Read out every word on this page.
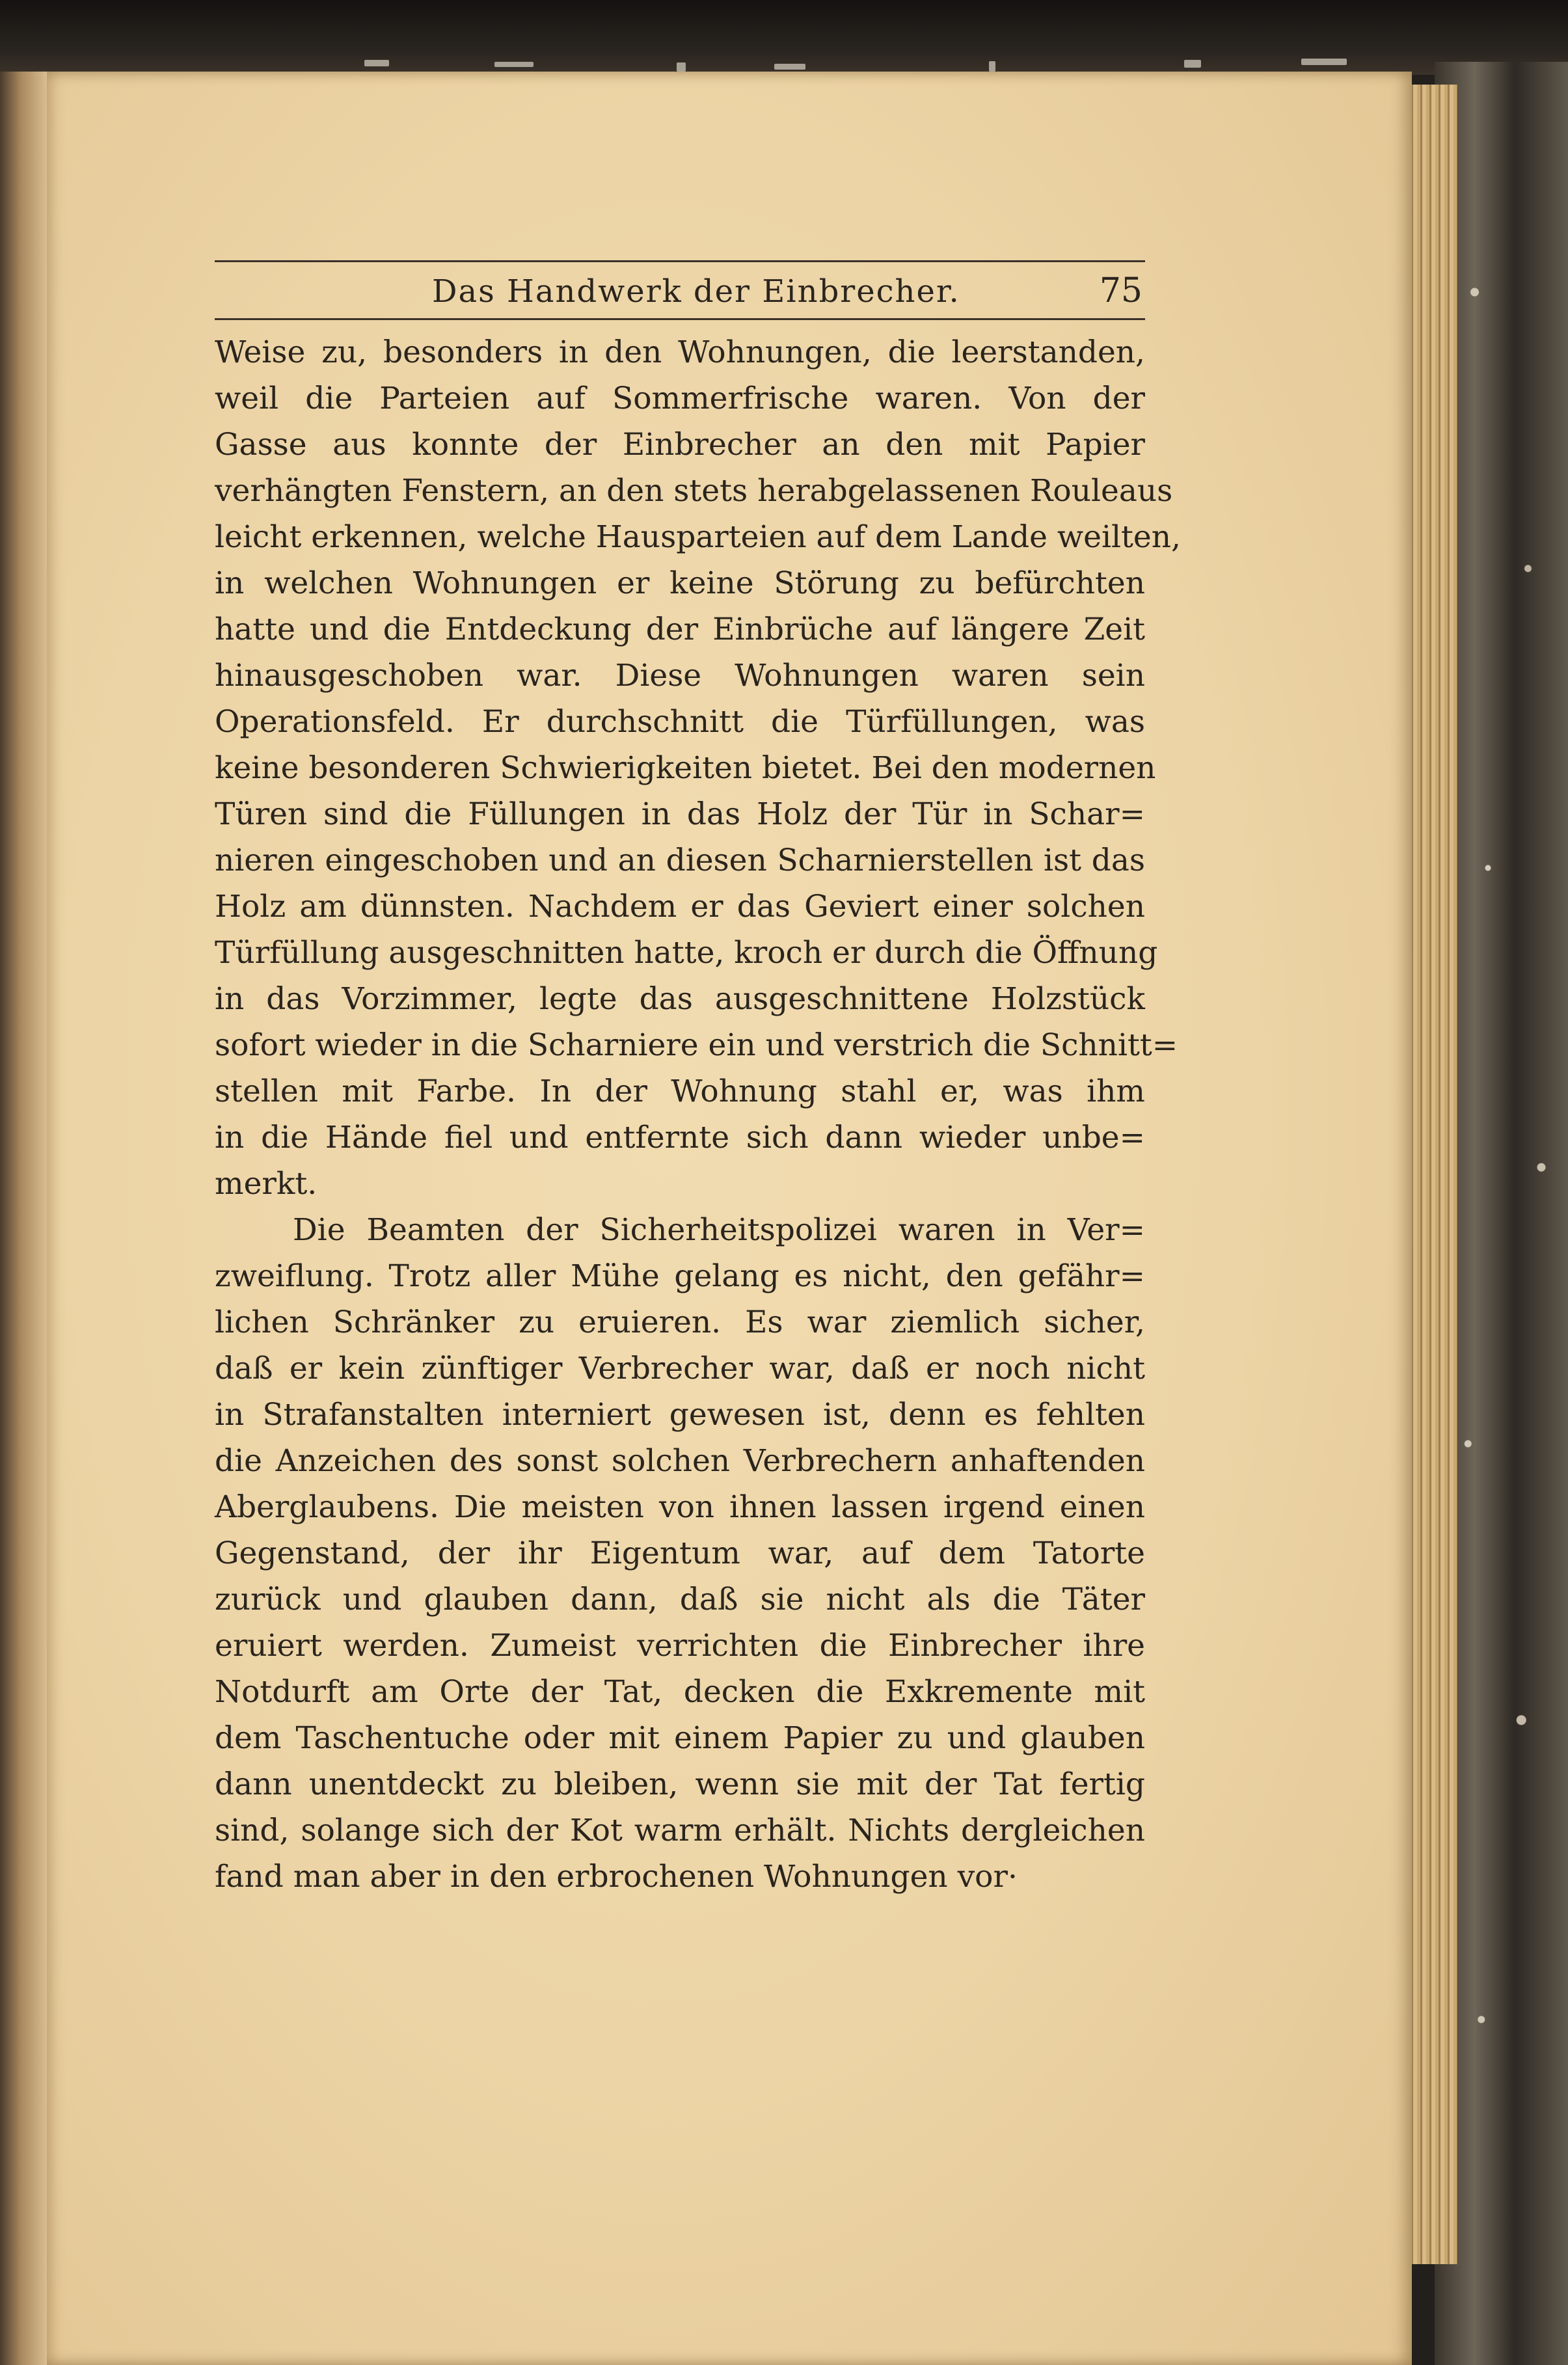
Das Handwerk der Einbrecher.	75

Weise zu, besonders in den Wohnungen, die leerstanden,
weil die Parteien auf Sommerfrische waren. Von der
Gasse aus konnte der Einbrecher an den mit Papier
verhängten Fenstern, an den stets herabgelassenen Rouleaus
leicht erkennen, welche Hausparteien auf dem Lande weilten,
in welchen Wohnungen er keine Störung zu befürchten
hatte und die Entdeckung der Einbrüche auf längere Zeit
hinausgeschoben war. Diese Wohnungen waren sein
Operationsfeld. Er durchschnitt die Türfüllungen, was
keine besonderen Schwierigkeiten bietet. Bei den modernen
Türen sind die Füllungen in das Holz der Tür in Schar=
nieren eingeschoben und an diesen Scharnierstellen ist das
Holz am dünnsten. Nachdem er das Geviert einer solchen
Türfüllung ausgeschnitten hatte, kroch er durch die Öffnung
in das Vorzimmer, legte das ausgeschnittene Holzstück
sofort wieder in die Scharniere ein und verstrich die Schnitt=
stellen mit Farbe. In der Wohnung stahl er, was ihm
in die Hände fiel und entfernte sich dann wieder unbe=
merkt.

Die Beamten der Sicherheitspolizei waren in Ver=
zweiflung. Trotz aller Mühe gelang es nicht, den gefähr=
lichen Schränker zu eruieren. Es war ziemlich sicher,
daß er kein zünftiger Verbrecher war, daß er noch nicht
in Strafanstalten interniert gewesen ist, denn es fehlten
die Anzeichen des sonst solchen Verbrechern anhaftenden
Aberglaubens. Die meisten von ihnen lassen irgend einen
Gegenstand, der ihr Eigentum war, auf dem Tatorte
zurück und glauben dann, daß sie nicht als die Täter
eruiert werden. Zumeist verrichten die Einbrecher ihre
Notdurft am Orte der Tat, decken die Exkremente mit
dem Taschentuche oder mit einem Papier zu und glauben
dann unentdeckt zu bleiben, wenn sie mit der Tat fertig
sind, solange sich der Kot warm erhält. Nichts dergleichen
fand man aber in den erbrochenen Wohnungen vor·
